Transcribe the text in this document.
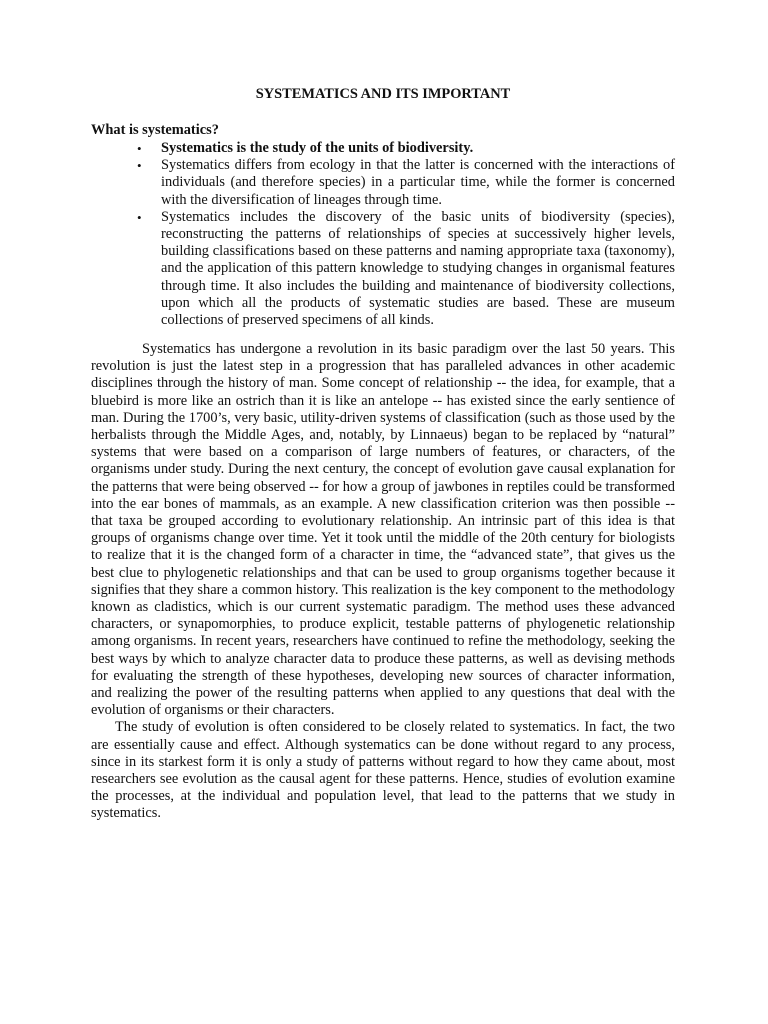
SYSTEMATICS AND ITS IMPORTANT

What is systematics?

• Systematics is the study of the units of biodiversity.
• Systematics differs from ecology in that the latter is concerned with the interactions of individuals (and therefore species) in a particular time, while the former is concerned with the diversification of lineages through time.
• Systematics includes the discovery of the basic units of biodiversity (species), reconstructing the patterns of relationships of species at successively higher levels, building classifications based on these patterns and naming appropriate taxa (taxonomy), and the application of this pattern knowledge to studying changes in organismal features through time. It also includes the building and maintenance of biodiversity collections, upon which all the products of systematic studies are based. These are museum collections of preserved specimens of all kinds.

Systematics has undergone a revolution in its basic paradigm over the last 50 years. This revolution is just the latest step in a progression that has paralleled advances in other academic disciplines through the history of man. Some concept of relationship -- the idea, for example, that a bluebird is more like an ostrich than it is like an antelope -- has existed since the early sentience of man. During the 1700’s, very basic, utility-driven systems of classification (such as those used by the herbalists through the Middle Ages, and, notably, by Linnaeus) began to be replaced by “natural” systems that were based on a comparison of large numbers of features, or characters, of the organisms under study. During the next century, the concept of evolution gave causal explanation for the patterns that were being observed -- for how a group of jawbones in reptiles could be transformed into the ear bones of mammals, as an example. A new classification criterion was then possible -- that taxa be grouped according to evolutionary relationship. An intrinsic part of this idea is that groups of organisms change over time. Yet it took until the middle of the 20th century for biologists to realize that it is the changed form of a character in time, the “advanced state”, that gives us the best clue to phylogenetic relationships and that can be used to group organisms together because it signifies that they share a common history. This realization is the key component to the methodology known as cladistics, which is our current systematic paradigm. The method uses these advanced characters, or synapomorphies, to produce explicit, testable patterns of phylogenetic relationship among organisms. In recent years, researchers have continued to refine the methodology, seeking the best ways by which to analyze character data to produce these patterns, as well as devising methods for evaluating the strength of these hypotheses, developing new sources of character information, and realizing the power of the resulting patterns when applied to any questions that deal with the evolution of organisms or their characters.

The study of evolution is often considered to be closely related to systematics. In fact, the two are essentially cause and effect. Although systematics can be done without regard to any process, since in its starkest form it is only a study of patterns without regard to how they came about, most researchers see evolution as the causal agent for these patterns. Hence, studies of evolution examine the processes, at the individual and population level, that lead to the patterns that we study in systematics.
